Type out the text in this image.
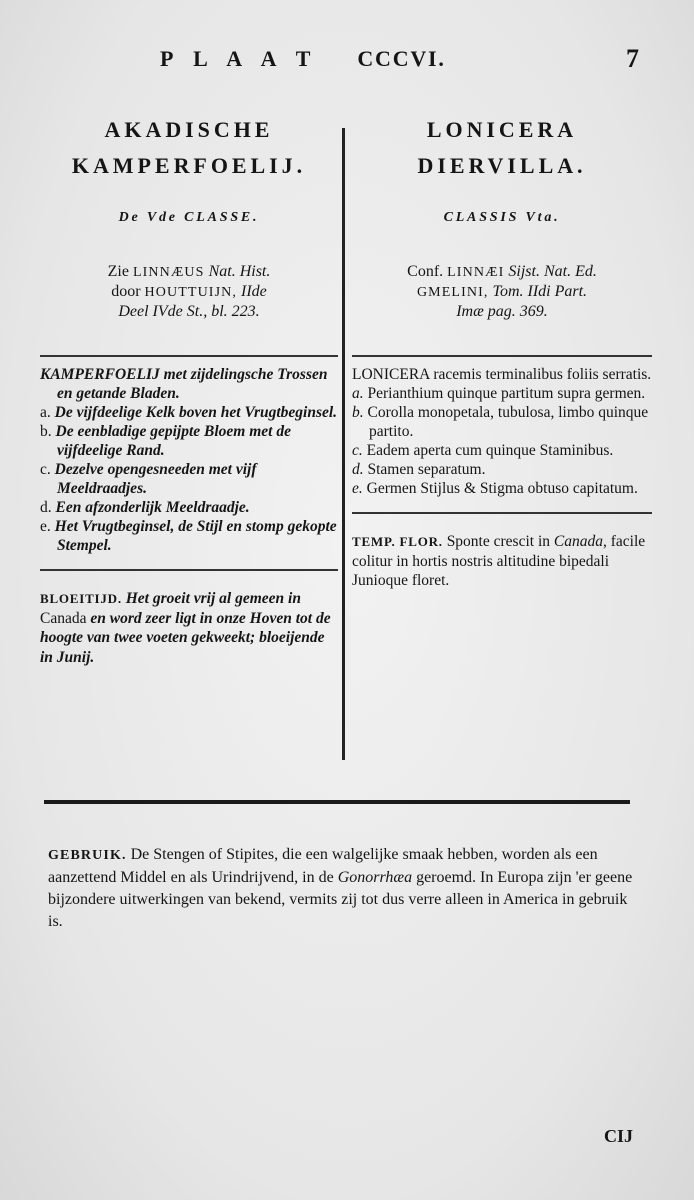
P L A A T CCCVI.	7
AKADISCHE
KAMPERFOELIJ.
De Vde CLASSE.
Zie LINNÆUS Nat. Hist.
door HOUTTUIJN, IIde
Deel IVde St., bl. 223.
KAMPERFOELIJ met zijdelingsche Trossen en getande Bladen.
a. De vijfdeelige Kelk boven het Vrugtbeginsel.
b. De eenbladige gepijpte Bloem met de vijfdeelige Rand.
c. Dezelve opengesneeden met vijf Meeldraadjes.
d. Een afzonderlijk Meeldraadje.
e. Het Vrugtbeginsel, de Stijl en stomp gekopte Stempel.
BLOEITIJD. Het groeit vrij al gemeen in Canada en word zeer ligt in onze Hoven tot de hoogte van twee voeten gekweekt; bloeijende in Junij.
LONICERA
DIERVILLA.
CLASSIS Vta.
Conf. LINNÆI Sijst. Nat. Ed.
GMELINI, Tom. IIdi Part.
Imæ pag. 369.
LONICERA racemis terminalibus foliis serratis.
a. Perianthium quinque partitum supra germen.
b. Corolla monopetala, tubulosa, limbo quinque partito.
c. Eadem aperta cum quinque Staminibus.
d. Stamen separatum.
e. Germen Stijlus & Stigma obtuso capitatum.
TEMP. FLOR. Sponte crescit in Canada, facile colitur in hortis nostris altitudine bipedali Junioque floret.
GEBRUIK. De Stengen of Stipites, die een walgelijke smaak hebben, worden als een aanzettend Middel en als Urindrijvend, in de Gonorrhæa geroemd. In Europa zijn 'er geene bijzondere uitwerkingen van bekend, vermits zij tot dus verre alleen in America in gebruik is.
CIJ
